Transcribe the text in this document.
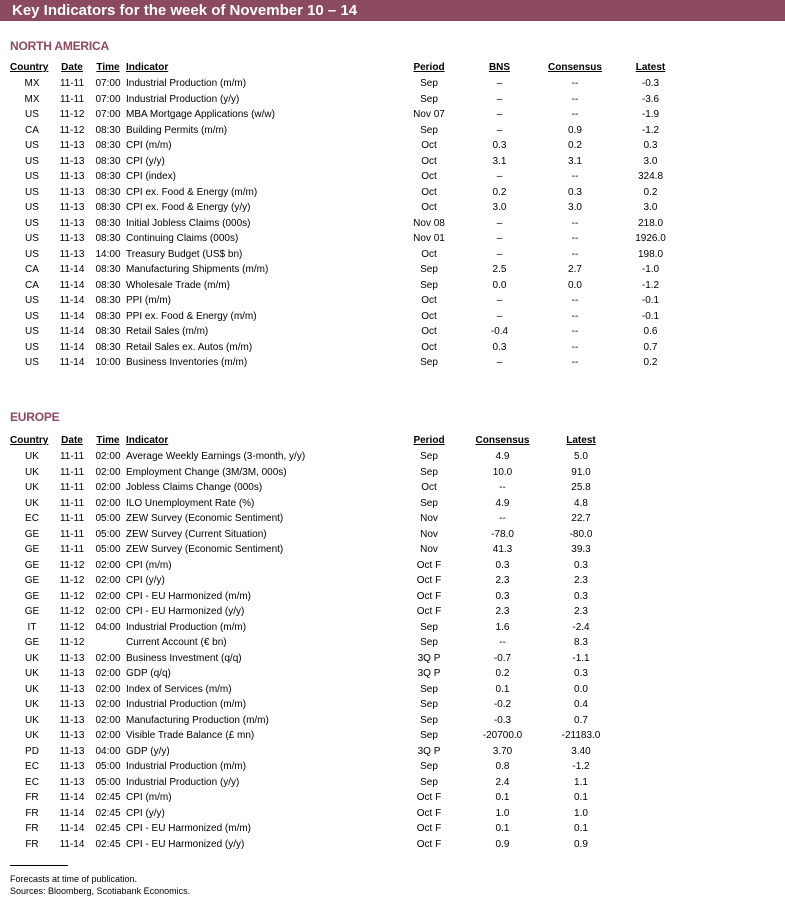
Key Indicators for the week of November 10 – 14
NORTH AMERICA
Country	Date	Time	Indicator	Period	BNS	Consensus	Latest
MX	11-11	07:00	Industrial Production (m/m)	Sep	–	--	-0.3
MX	11-11	07:00	Industrial Production (y/y)	Sep	–	--	-3.6
US	11-12	07:00	MBA Mortgage Applications (w/w)	Nov 07	–	--	-1.9
CA	11-12	08:30	Building Permits (m/m)	Sep	–	0.9	-1.2
US	11-13	08:30	CPI (m/m)	Oct	0.3	0.2	0.3
US	11-13	08:30	CPI (y/y)	Oct	3.1	3.1	3.0
US	11-13	08:30	CPI (index)	Oct	–	--	324.8
US	11-13	08:30	CPI ex. Food & Energy (m/m)	Oct	0.2	0.3	0.2
US	11-13	08:30	CPI ex. Food & Energy (y/y)	Oct	3.0	3.0	3.0
US	11-13	08:30	Initial Jobless Claims (000s)	Nov 08	–	--	218.0
US	11-13	08:30	Continuing Claims (000s)	Nov 01	–	--	1926.0
US	11-13	14:00	Treasury Budget (US$ bn)	Oct	–	--	198.0
CA	11-14	08:30	Manufacturing Shipments (m/m)	Sep	2.5	2.7	-1.0
CA	11-14	08:30	Wholesale Trade (m/m)	Sep	0.0	0.0	-1.2
US	11-14	08:30	PPI (m/m)	Oct	–	--	-0.1
US	11-14	08:30	PPI ex. Food & Energy (m/m)	Oct	–	--	-0.1
US	11-14	08:30	Retail Sales (m/m)	Oct	-0.4	--	0.6
US	11-14	08:30	Retail Sales ex. Autos (m/m)	Oct	0.3	--	0.7
US	11-14	10:00	Business Inventories (m/m)	Sep	–	--	0.2
EUROPE
Country	Date	Time	Indicator	Period	Consensus	Latest
UK	11-11	02:00	Average Weekly Earnings (3-month, y/y)	Sep	4.9	5.0
UK	11-11	02:00	Employment Change (3M/3M, 000s)	Sep	10.0	91.0
UK	11-11	02:00	Jobless Claims Change (000s)	Oct	--	25.8
UK	11-11	02:00	ILO Unemployment Rate (%)	Sep	4.9	4.8
EC	11-11	05:00	ZEW Survey (Economic Sentiment)	Nov	--	22.7
GE	11-11	05:00	ZEW Survey (Current Situation)	Nov	-78.0	-80.0
GE	11-11	05:00	ZEW Survey (Economic Sentiment)	Nov	41.3	39.3
GE	11-12	02:00	CPI (m/m)	Oct F	0.3	0.3
GE	11-12	02:00	CPI (y/y)	Oct F	2.3	2.3
GE	11-12	02:00	CPI - EU Harmonized (m/m)	Oct F	0.3	0.3
GE	11-12	02:00	CPI - EU Harmonized (y/y)	Oct F	2.3	2.3
IT	11-12	04:00	Industrial Production (m/m)	Sep	1.6	-2.4
GE	11-12		Current Account (€ bn)	Sep	--	8.3
UK	11-13	02:00	Business Investment (q/q)	3Q P	-0.7	-1.1
UK	11-13	02:00	GDP (q/q)	3Q P	0.2	0.3
UK	11-13	02:00	Index of Services (m/m)	Sep	0.1	0.0
UK	11-13	02:00	Industrial Production (m/m)	Sep	-0.2	0.4
UK	11-13	02:00	Manufacturing Production (m/m)	Sep	-0.3	0.7
UK	11-13	02:00	Visible Trade Balance (£ mn)	Sep	-20700.0	-21183.0
PD	11-13	04:00	GDP (y/y)	3Q P	3.70	3.40
EC	11-13	05:00	Industrial Production (m/m)	Sep	0.8	-1.2
EC	11-13	05:00	Industrial Production (y/y)	Sep	2.4	1.1
FR	11-14	02:45	CPI (m/m)	Oct F	0.1	0.1
FR	11-14	02:45	CPI (y/y)	Oct F	1.0	1.0
FR	11-14	02:45	CPI - EU Harmonized (m/m)	Oct F	0.1	0.1
FR	11-14	02:45	CPI - EU Harmonized (y/y)	Oct F	0.9	0.9
Forecasts at time of publication.
Sources: Bloomberg, Scotiabank Economics.
